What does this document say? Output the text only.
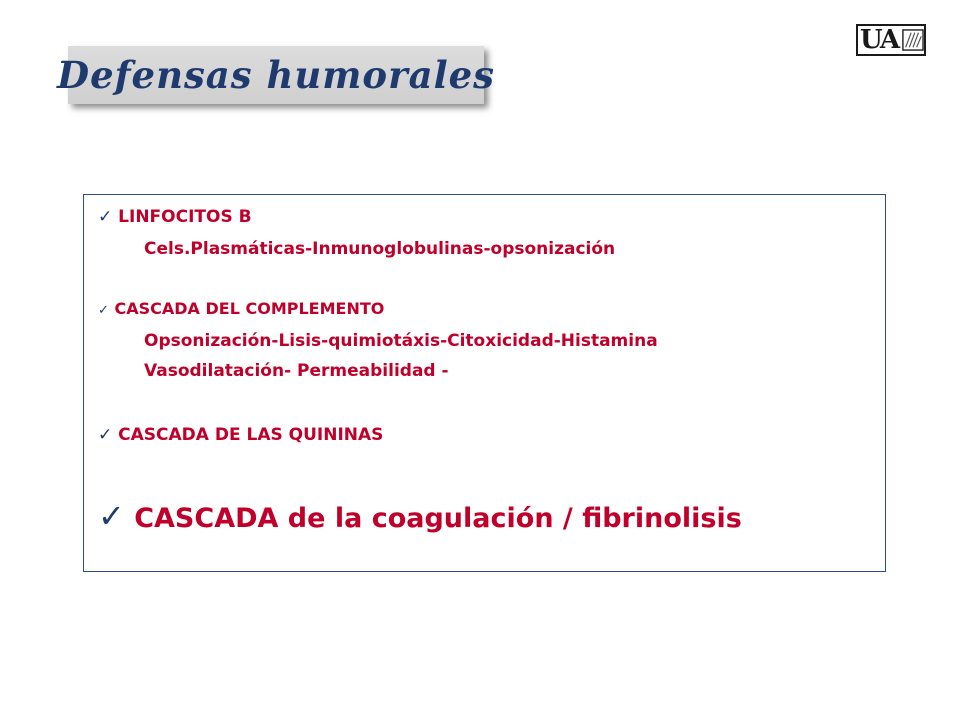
Defensas humorales
UA
✓ LINFOCITOS B
Cels.Plasmáticas-Inmunoglobulinas-opsonización
✓ CASCADA DEL COMPLEMENTO
Opsonización-Lisis-quimiotáxis-Citoxicidad-Histamina
Vasodilatación- Permeabilidad -
✓ CASCADA DE LAS QUININAS
✓ CASCADA de la coagulación / fibrinolisis
